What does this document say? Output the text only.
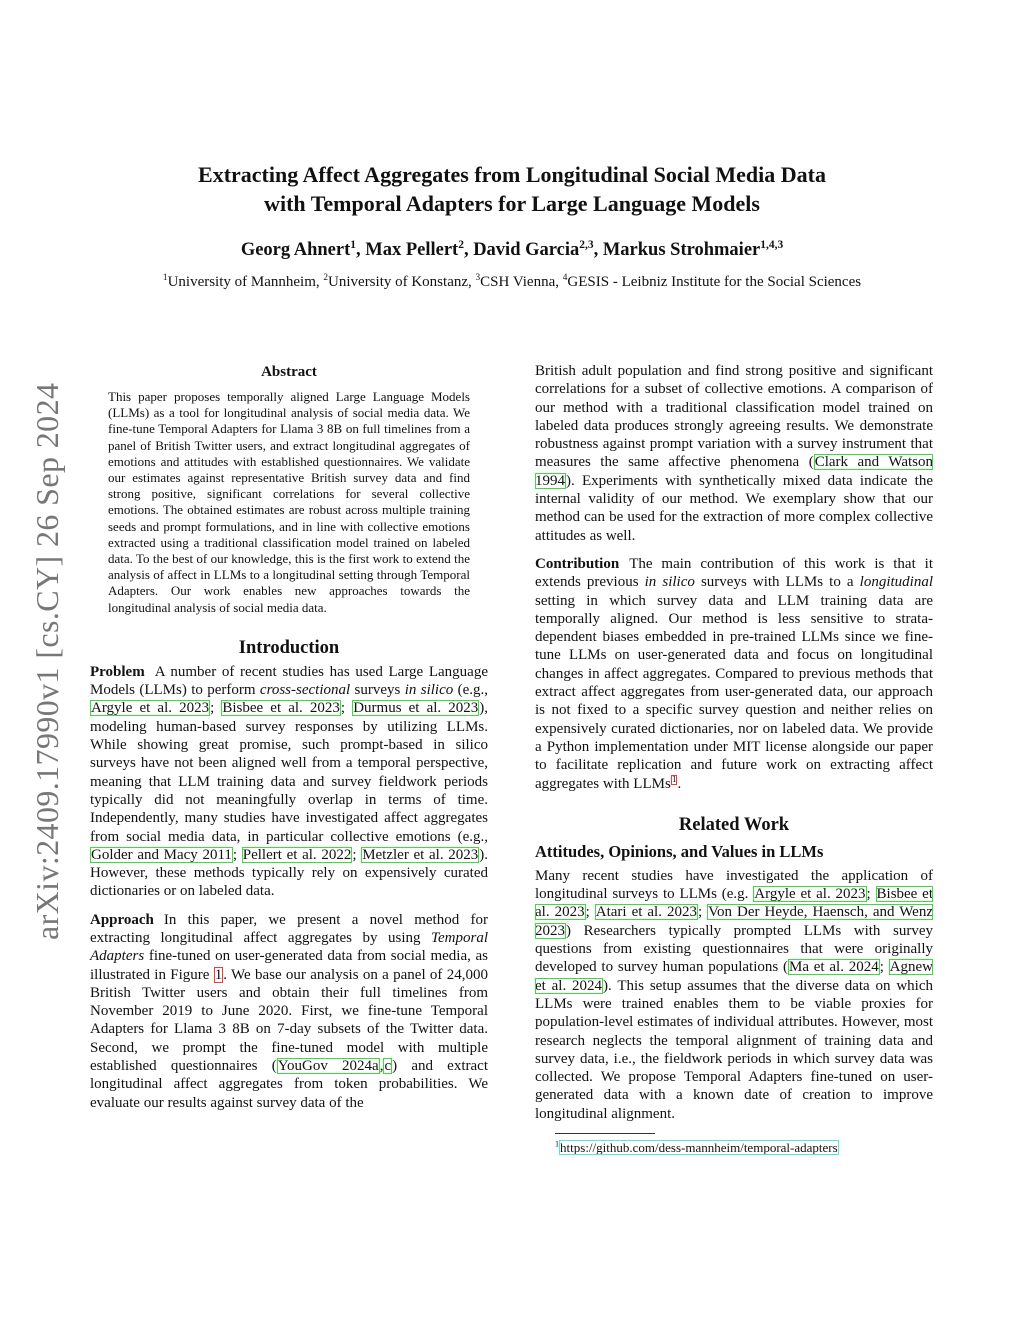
arXiv:2409.17990v1 [cs.CY] 26 Sep 2024
Extracting Affect Aggregates from Longitudinal Social Media Data
with Temporal Adapters for Large Language Models
Georg Ahnert$^1$, Max Pellert$^2$, David Garcia$^{2,3}$, Markus Strohmaier$^{1,4,3}$
$^1$University of Mannheim, $^2$University of Konstanz, $^3$CSH Vienna, $^4$GESIS - Leibniz Institute for the Social Sciences
Abstract
This paper proposes temporally aligned Large Language Models (LLMs) as a tool for longitudinal analysis of social media data. We fine-tune Temporal Adapters for Llama 3 8B on full timelines from a panel of British Twitter users, and extract longitudinal aggregates of emotions and attitudes with established questionnaires. We validate our estimates against representative British survey data and find strong positive, significant correlations for several collective emotions. The obtained estimates are robust across multiple training seeds and prompt formulations, and in line with collective emotions extracted using a traditional classification model trained on labeled data. To the best of our knowledge, this is the first work to extend the analysis of affect in LLMs to a longitudinal setting through Temporal Adapters. Our work enables new approaches towards the longitudinal analysis of social media data.
Introduction

Problem A number of recent studies has used Large Language Models (LLMs) to perform cross-sectional surveys in silico (e.g., Argyle et al. 2023; Bisbee et al. 2023; Durmus et al. 2023), modeling human-based survey responses by utilizing LLMs. While showing great promise, such prompt-based in silico surveys have not been aligned well from a temporal perspective, meaning that LLM training data and survey fieldwork periods typically did not meaningfully overlap in terms of time. Independently, many studies have investigated affect aggregates from social media data, in particular collective emotions (e.g., Golder and Macy 2011; Pellert et al. 2022; Metzler et al. 2023). However, these methods typically rely on expensively curated dictionaries or on labeled data.

Approach In this paper, we present a novel method for extracting longitudinal affect aggregates by using Temporal Adapters fine-tuned on user-generated data from social media, as illustrated in Figure 1. We base our analysis on a panel of 24,000 British Twitter users and obtain their full timelines from November 2019 to June 2020. First, we fine-tune Temporal Adapters for Llama 3 8B on 7-day subsets of the Twitter data. Second, we prompt the fine-tuned model with multiple established questionnaires (YouGov 2024a,c) and extract longitudinal affect aggregates from token probabilities. We evaluate our results against survey data of the

British adult population and find strong positive and significant correlations for a subset of collective emotions. A comparison of our method with a traditional classification model trained on labeled data produces strongly agreeing results. We demonstrate robustness against prompt variation with a survey instrument that measures the same affective phenomena (Clark and Watson 1994). Experiments with synthetically mixed data indicate the internal validity of our method. We exemplary show that our method can be used for the extraction of more complex collective attitudes as well.

Contribution The main contribution of this work is that it extends previous in silico surveys with LLMs to a longitudinal setting in which survey data and LLM training data are temporally aligned. Our method is less sensitive to strata-dependent biases embedded in pre-trained LLMs since we fine-tune LLMs on user-generated data and focus on longitudinal changes in affect aggregates. Compared to previous methods that extract affect aggregates from user-generated data, our approach is not fixed to a specific survey question and neither relies on expensively curated dictionaries, nor on labeled data. We provide a Python implementation under MIT license alongside our paper to facilitate replication and future work on extracting affect aggregates with LLMs$^1$.

Related Work
Attitudes, Opinions, and Values in LLMs

Many recent studies have investigated the application of longitudinal surveys to LLMs (e.g. Argyle et al. 2023; Bisbee et al. 2023; Atari et al. 2023; Von Der Heyde, Haensch, and Wenz 2023) Researchers typically prompted LLMs with survey questions from existing questionnaires that were originally developed to survey human populations (Ma et al. 2024; Agnew et al. 2024). This setup assumes that the diverse data on which LLMs were trained enables them to be viable proxies for population-level estimates of individual attributes. However, most research neglects the temporal alignment of training data and survey data, i.e., the fieldwork periods in which survey data was collected. We propose Temporal Adapters fine-tuned on user-generated data with a known date of creation to improve longitudinal alignment.

$^1$https://github.com/dess-mannheim/temporal-adapters
